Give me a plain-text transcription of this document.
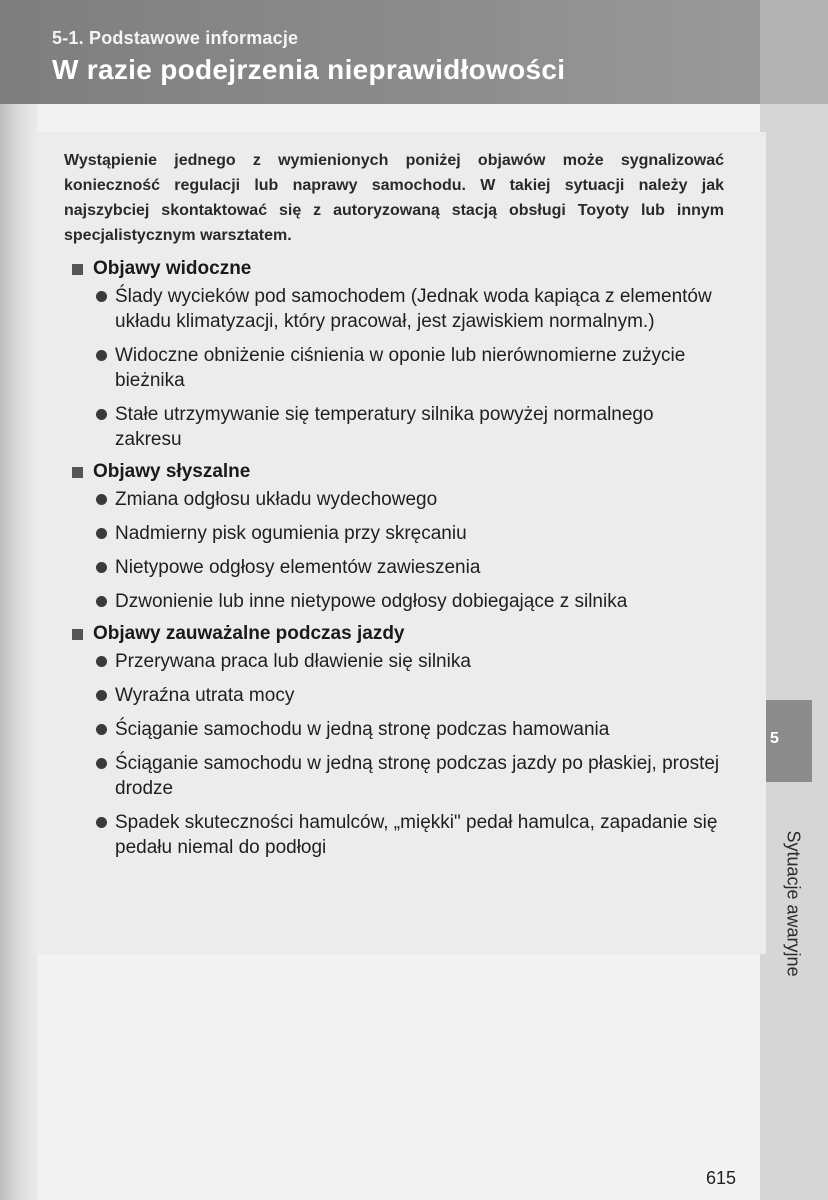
5-1. Podstawowe informacje
W razie podejrzenia nieprawidłowości
5
Sytuacje awaryjne

Wystąpienie jednego z wymienionych poniżej objawów może sygnalizować konieczność regulacji lub naprawy samochodu. W takiej sytuacji należy jak najszybciej skontaktować się z autoryzowaną stacją obsługi Toyoty lub innym specjalistycznym warsztatem.

Objawy widoczne
Ślady wycieków pod samochodem (Jednak woda kapiąca z elementów układu klimatyzacji, który pracował, jest zjawiskiem normalnym.)
Widoczne obniżenie ciśnienia w oponie lub nierównomierne zużycie bieżnika
Stałe utrzymywanie się temperatury silnika powyżej normalnego zakresu
Objawy słyszalne
Zmiana odgłosu układu wydechowego
Nadmierny pisk ogumienia przy skręcaniu
Nietypowe odgłosy elementów zawieszenia
Dzwonienie lub inne nietypowe odgłosy dobiegające z silnika
Objawy zauważalne podczas jazdy
Przerywana praca lub dławienie się silnika
Wyraźna utrata mocy
Ściąganie samochodu w jedną stronę podczas hamowania
Ściąganie samochodu w jedną stronę podczas jazdy po płaskiej, prostej drodze
Spadek skuteczności hamulców, „miękki" pedał hamulca, zapadanie się pedału niemal do podłogi
615
